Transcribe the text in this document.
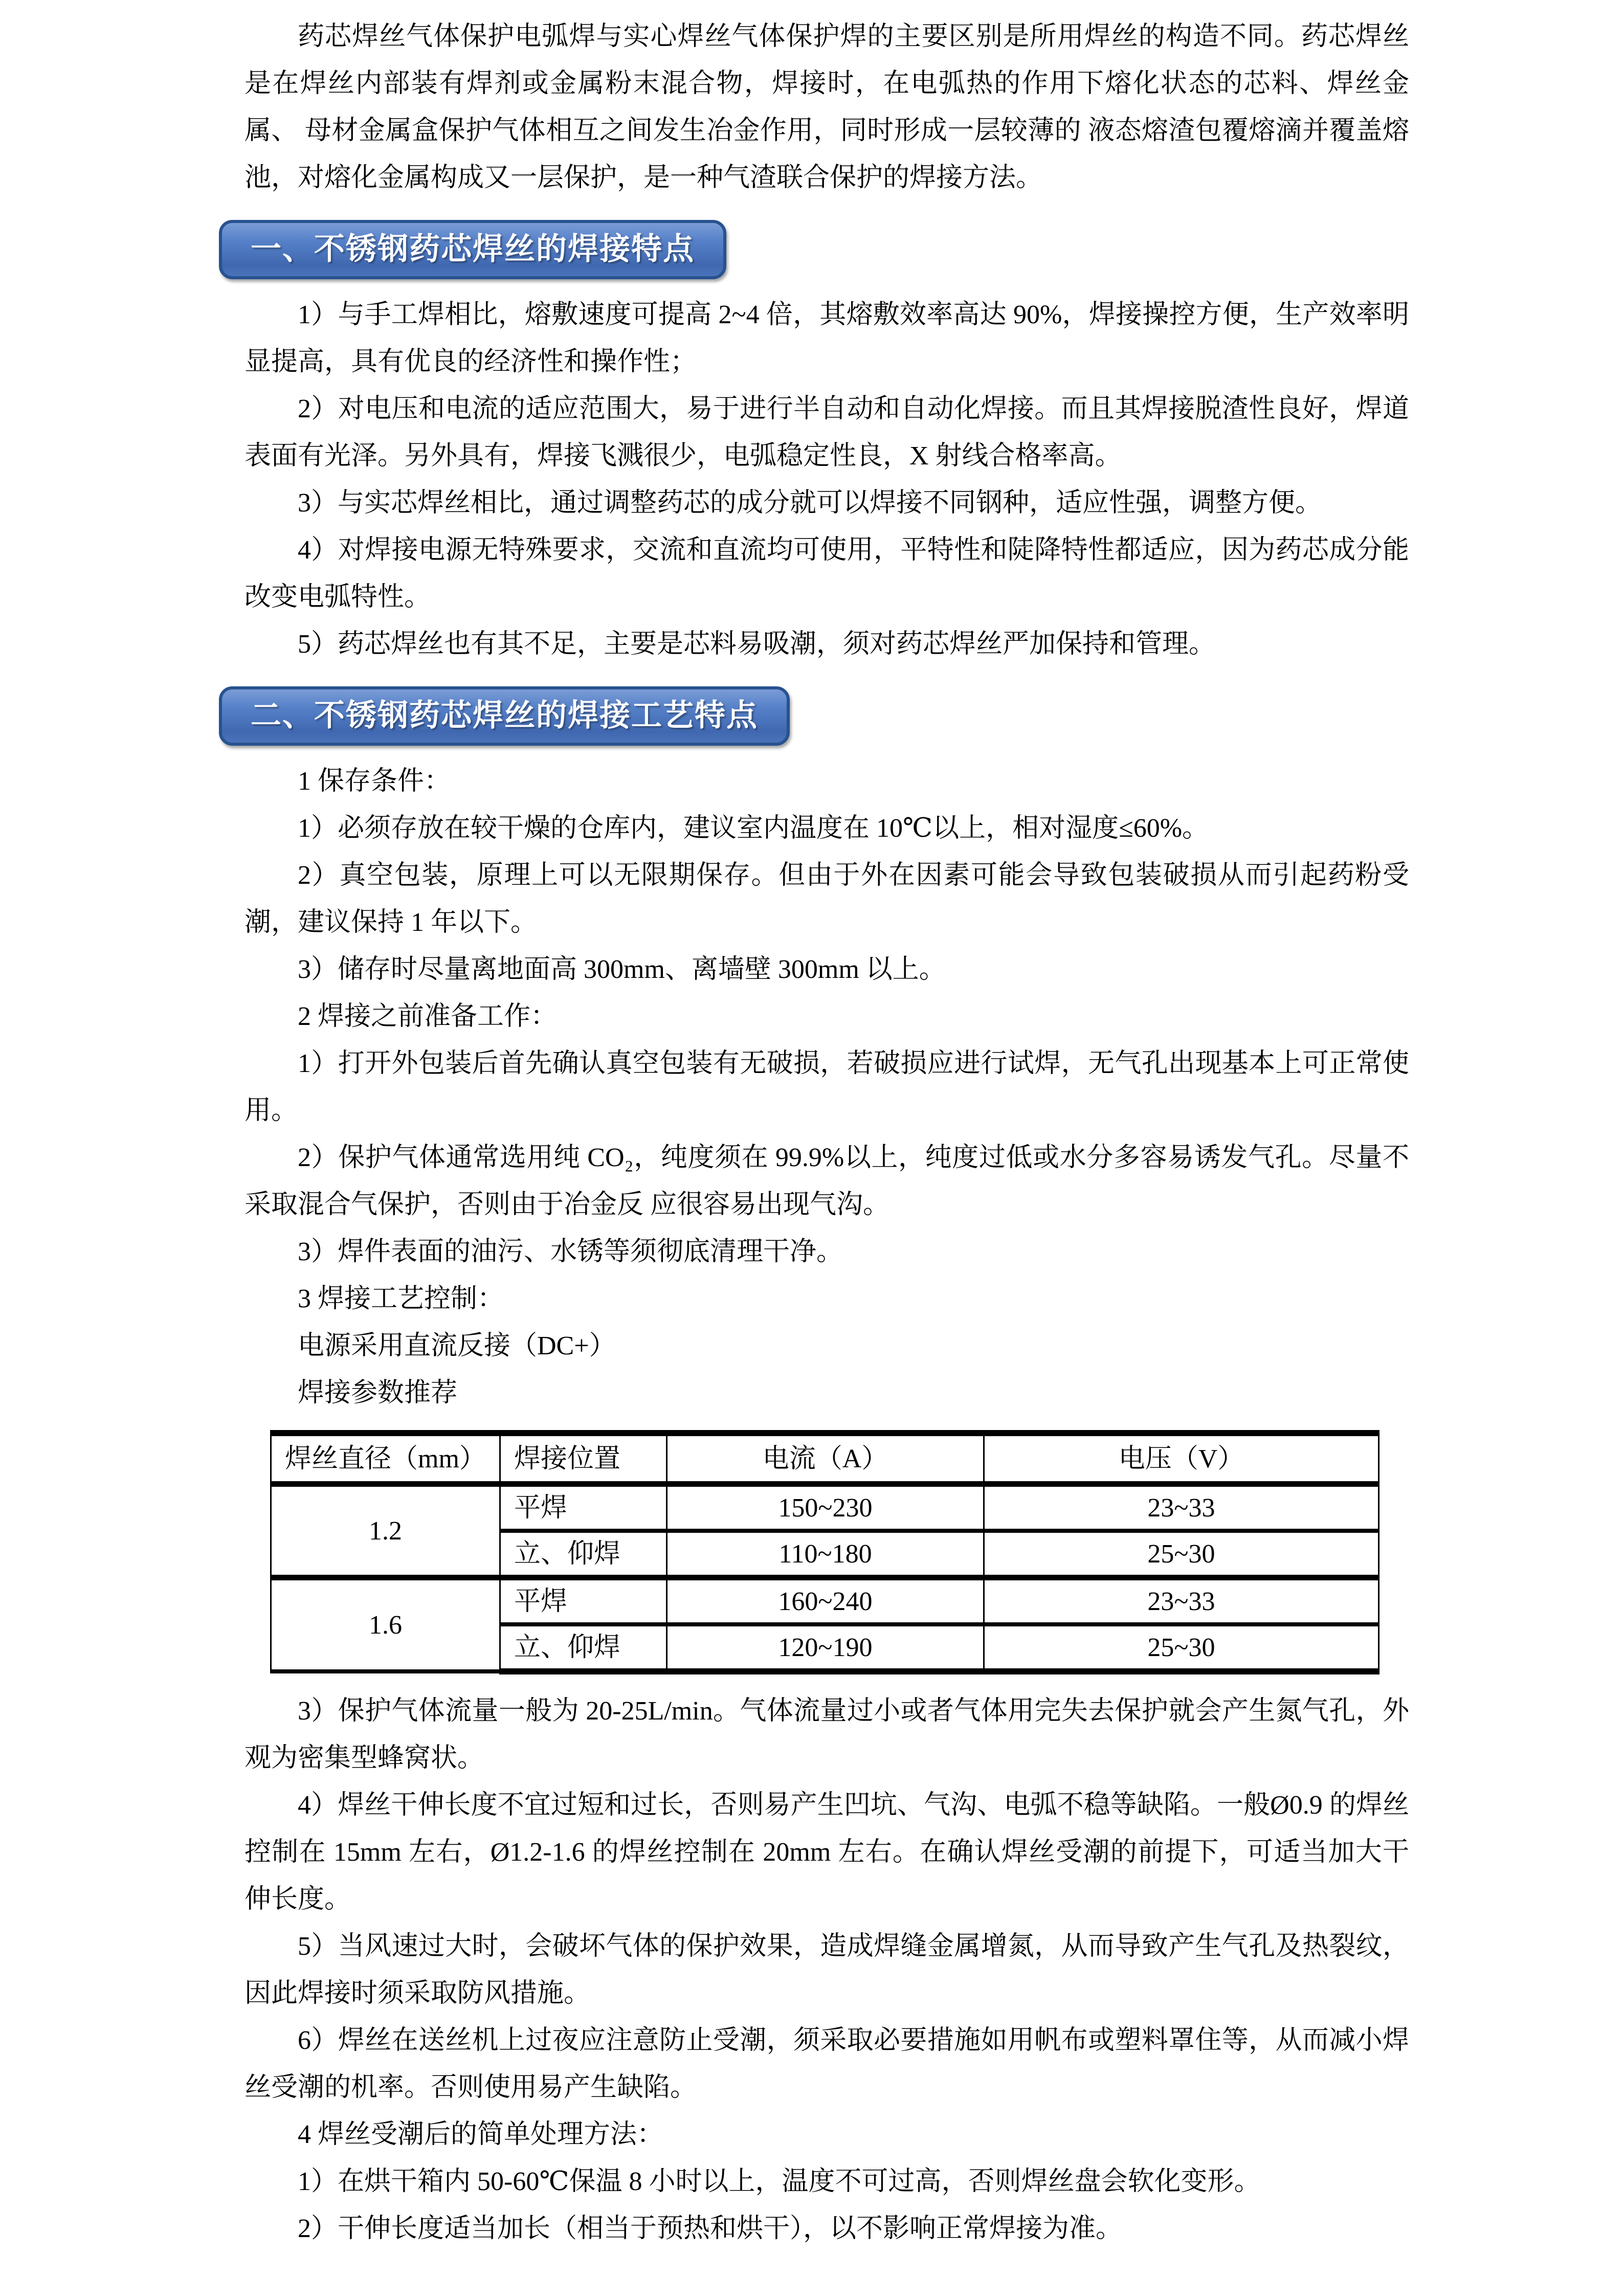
药芯焊丝气体保护电弧焊与实心焊丝气体保护焊的主要区别是所用焊丝的构造不同。药芯焊丝是在焊丝内部装有焊剂或金属粉末混合物，焊接时，在电弧热的作用下熔化状态的芯料、焊丝金属、 母材金属盒保护气体相互之间发生冶金作用，同时形成一层较薄的 液态熔渣包覆熔滴并覆盖熔池，对熔化金属构成又一层保护，是一种气渣联合保护的焊接方法。

一、不锈钢药芯焊丝的焊接特点

1）与手工焊相比，熔敷速度可提高 2~4 倍，其熔敷效率高达 90%，焊接操控方便，生产效率明显提高，具有优良的经济性和操作性；

2）对电压和电流的适应范围大，易于进行半自动和自动化焊接。而且其焊接脱渣性良好，焊道表面有光泽。另外具有，焊接飞溅很少，电弧稳定性良，X 射线合格率高。

3）与实芯焊丝相比，通过调整药芯的成分就可以焊接不同钢种，适应性强，调整方便。

4）对焊接电源无特殊要求，交流和直流均可使用，平特性和陡降特性都适应，因为药芯成分能改变电弧特性。

5）药芯焊丝也有其不足，主要是芯料易吸潮，须对药芯焊丝严加保持和管理。

二、不锈钢药芯焊丝的焊接工艺特点

1 保存条件：

1）必须存放在较干燥的仓库内，建议室内温度在 10℃以上，相对湿度≤60%。

2）真空包装，原理上可以无限期保存。但由于外在因素可能会导致包装破损从而引起药粉受潮，建议保持 1 年以下。

3）储存时尽量离地面高 300mm、离墙壁 300mm 以上。

2 焊接之前准备工作：

1）打开外包装后首先确认真空包装有无破损，若破损应进行试焊，无气孔出现基本上可正常使用。

2）保护气体通常选用纯 CO₂，纯度须在 99.9%以上，纯度过低或水分多容易诱发气孔。尽量不采取混合气保护，否则由于冶金反 应很容易出现气沟。

3）焊件表面的油污、水锈等须彻底清理干净。

3 焊接工艺控制：

电源采用直流反接（DC+）

焊接参数推荐

焊丝直径（mm）	焊接位置	电流（A）	电压（V）
1.2	平焊	150~230	23~33
	立、仰焊	110~180	25~30
1.6	平焊	160~240	23~33
	立、仰焊	120~190	25~30

3）保护气体流量一般为 20-25L/min。气体流量过小或者气体用完失去保护就会产生氮气孔，外观为密集型蜂窝状。

4）焊丝干伸长度不宜过短和过长，否则易产生凹坑、气沟、电弧不稳等缺陷。一般Ø0.9 的焊丝控制在 15mm 左右，Ø1.2-1.6 的焊丝控制在 20mm 左右。在确认焊丝受潮的前提下，可适当加大干伸长度。

5）当风速过大时，会破坏气体的保护效果，造成焊缝金属增氮，从而导致产生气孔及热裂纹，因此焊接时须采取防风措施。

6）焊丝在送丝机上过夜应注意防止受潮，须采取必要措施如用帆布或塑料罩住等，从而减小焊丝受潮的机率。否则使用易产生缺陷。

4 焊丝受潮后的简单处理方法：

1）在烘干箱内 50-60℃保温 8 小时以上，温度不可过高，否则焊丝盘会软化变形。

2）干伸长度适当加长（相当于预热和烘干），以不影响正常焊接为准。
